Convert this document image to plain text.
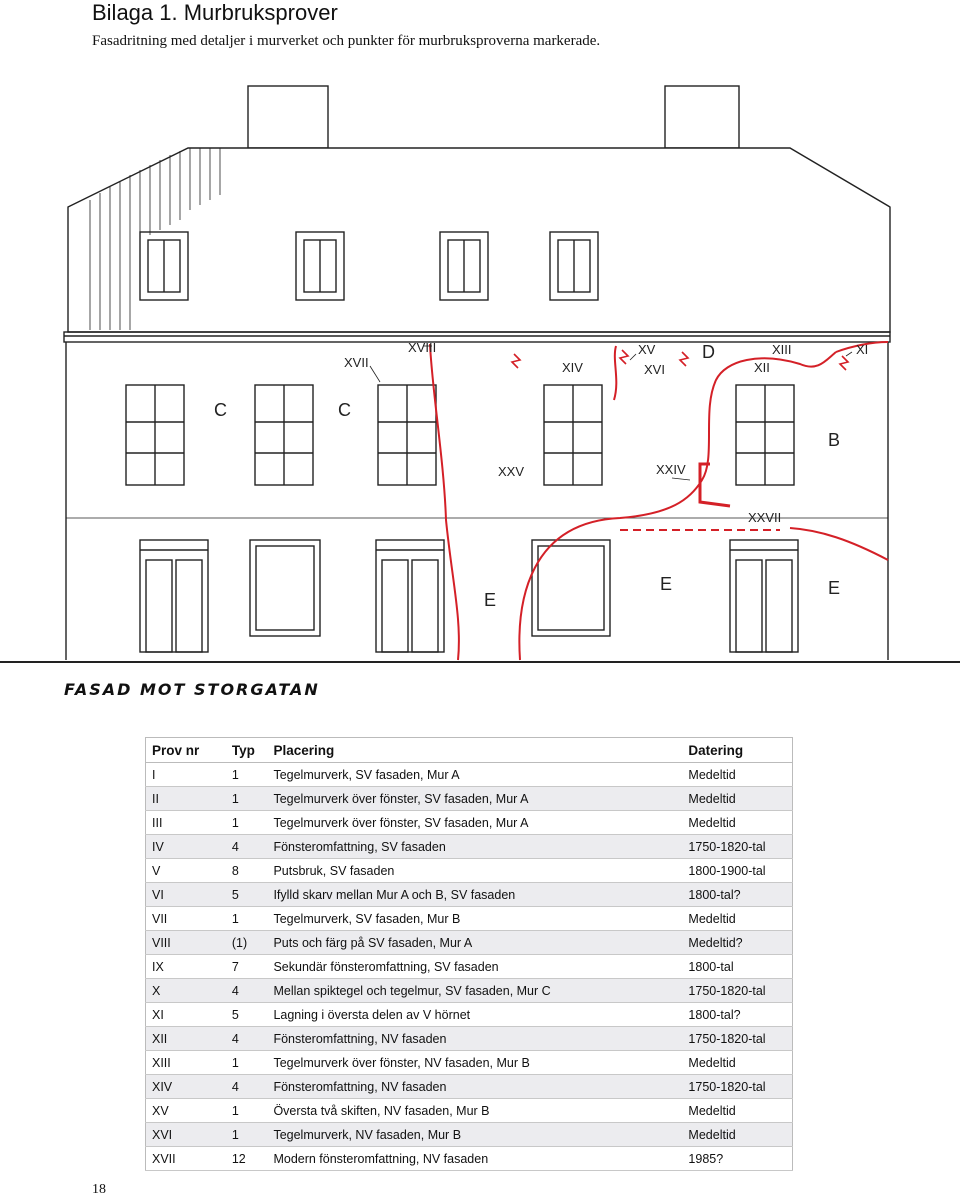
Bilaga 1. Murbruksprover
Fasadritning med detaljer i murverket och punkter för murbruksproverna markerade.
XVII
XVIII
XIV
XV
XVI
D	XIII
XII
XI
C	C
B
XXV	XXIV
XXVII
E
E	E
FASAD MOT STORGATAN
Prov nr	Typ	Placering	Datering
I	1	Tegelmurverk, SV fasaden, Mur A	Medeltid
II	1	Tegelmurverk över fönster, SV fasaden, Mur A	Medeltid
III	1	Tegelmurverk över fönster, SV fasaden, Mur A	Medeltid
IV	4	Fönsteromfattning, SV fasaden	1750-1820-tal
V	8	Putsbruk, SV fasaden	1800-1900-tal
VI	5	Ifylld skarv mellan Mur A och B, SV fasaden	1800-tal?
VII	1	Tegelmurverk, SV fasaden, Mur B	Medeltid
VIII	(1)	Puts och färg på SV fasaden, Mur A	Medeltid?
IX	7	Sekundär fönsteromfattning, SV fasaden	1800-tal
X	4	Mellan spiktegel och tegelmur, SV fasaden, Mur C	1750-1820-tal
XI	5	Lagning i översta delen av V hörnet	1800-tal?
XII	4	Fönsteromfattning, NV fasaden	1750-1820-tal
XIII	1	Tegelmurverk över fönster, NV fasaden, Mur B	Medeltid
XIV	4	Fönsteromfattning, NV fasaden	1750-1820-tal
XV	1	Översta två skiften, NV fasaden, Mur B	Medeltid
XVI	1	Tegelmurverk, NV fasaden, Mur B	Medeltid
XVII	12	Modern fönsteromfattning, NV fasaden	1985?
18
